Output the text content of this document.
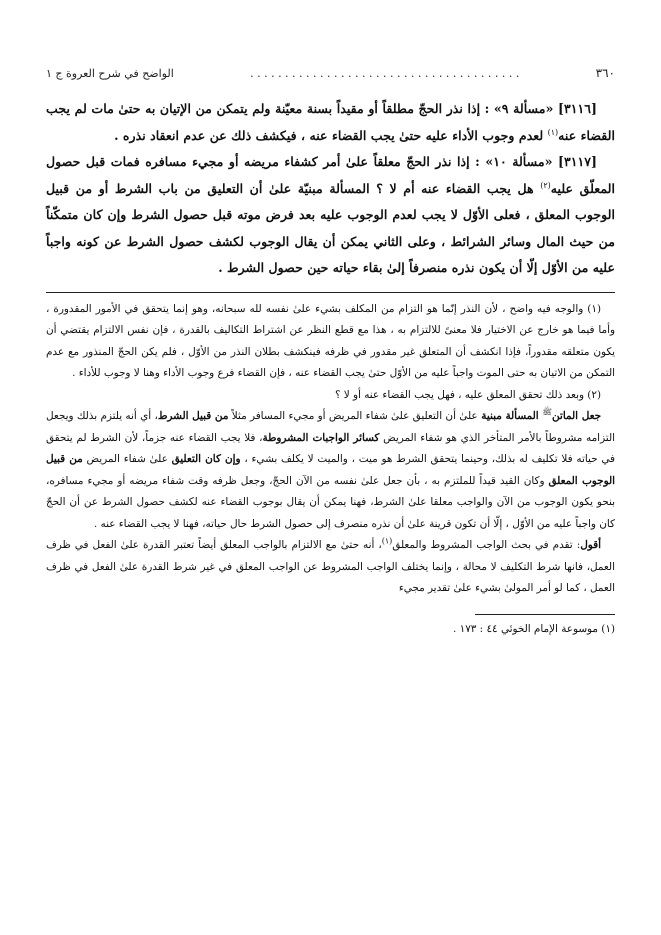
٣٦٠
. . . . . . . . . . . . . . . . . . . . . . . . . . . . . . . . . . . . . . .
الواضح في شرح العروة ج ١

[٣١١٦] «مسألة ٩» : إذا نذر الحجّ مطلقاً أو مقيداً بسنة معيّنة ولم يتمكن من الإتيان به حتىٰ مات لم يجب القضاء عنه$^{(١)}$ لعدم وجوب الأداء عليه حتىٰ يجب القضاء عنه ، فيكشف ذلك عن عدم انعقاد نذره .

[٣١١٧] «مسألة ١٠» : إذا نذر الحجّ معلقاً علىٰ أمر كشفاء مريضه أو مجيء مسافره فمات قبل حصول المعلّق عليه$^{(٢)}$ هل يجب القضاء عنه أم لا ؟ المسألة مبنيّة علىٰ أن التعليق من باب الشرط أو من قبيل الوجوب المعلق ، فعلى الأوّل لا يجب لعدم الوجوب عليه بعد فرض موته قبل حصول الشرط وإن كان متمكّناً من حيث المال وسائر الشرائط ، وعلى الثاني يمكن أن يقال الوجوب لكشف حصول الشرط عن كونه واجباً عليه من الأوّل إلّا أن يكون نذره منصرفاً إلىٰ بقاء حياته حين حصول الشرط .

(١) والوجه فيه واضح ، لأن النذر إنّما هو التزام من المكلف بشيء علىٰ نفسه لله سبحانه، وهو إنما يتحقق في الأمور المقدورة ، وأما فيما هو خارج عن الاختيار فلا معنىً للالتزام به ، هذا مع قطع النظر عن اشتراط التكاليف بالقدرة ، فإن نفس الالتزام يقتضي أن يكون متعلقه مقدوراً، فإذا انكشف أن المتعلق غير مقدور في ظرفه فينكشف بطلان النذر من الأوّل ، فلم يكن الحجّ المنذور مع عدم التمكن من الاتيان به حتى الموت واجباً عليه من الأوّل حتىٰ يجب القضاء عنه ، فإن القضاء فرع وجوب الأداء وهنا لا وجوب للأداء .

(٢) وبعد ذلك تحقق المعلق عليه ، فهل يجب القضاء عنه أو لا ؟

جعل الماتن$^ﷺ$ المسألة مبنية علىٰ أن التعليق علىٰ شفاء المريض أو مجيء المسافر مثلاً من قبيل الشرط، أي أنه يلتزم بذلك ويجعل التزامه مشروطاً بالأمر المتأخر الذي هو شفاء المريض كسائر الواجبات المشروطة، فلا يجب القضاء عنه جزماً، لأن الشرط لم يتحقق في حياته فلا تكليف له بذلك، وحينما يتحقق الشرط هو ميت ، والميت لا يكلف بشيء ، وإن كان التعليق علىٰ شفاء المريض من قبيل الوجوب المعلق وكان القيد قيداً للملتزم به ، بأن جعل علىٰ نفسه من الآن الحجّ، وجعل ظرفه وقت شفاء مريضه أو مجيء مسافره، بنحو يكون الوجوب من الآن والواجب معلقا علىٰ الشرط، فهنا يمكن أن يقال بوجوب القضاء عنه لكشف حصول الشرط عن أن الحجّ كان واجباً عليه من الأوّل ، إلّا أن تكون قرينة علىٰ أن نذره منصرف إلى حصول الشرط حال حياته، فهنا لا يجب القضاء عنه .

أقول: تقدم في بحث الواجب المشروط والمعلق$^{(١)}$، أنه حتىٰ مع الالتزام بالواجب المعلق أيضاً تعتبر القدرة علىٰ الفعل في ظرف العمل، فانها شرط التكليف لا محالة ، وإنما يختلف الواجب المشروط عن الواجب المعلق في غير شرط القدرة علىٰ الفعل في ظرف العمل ، كما لو أمر المولىٰ بشيء علىٰ تقدير مجيء

(١) موسوعة الإمام الخوئي ٤٤ : ١٧٣ .
